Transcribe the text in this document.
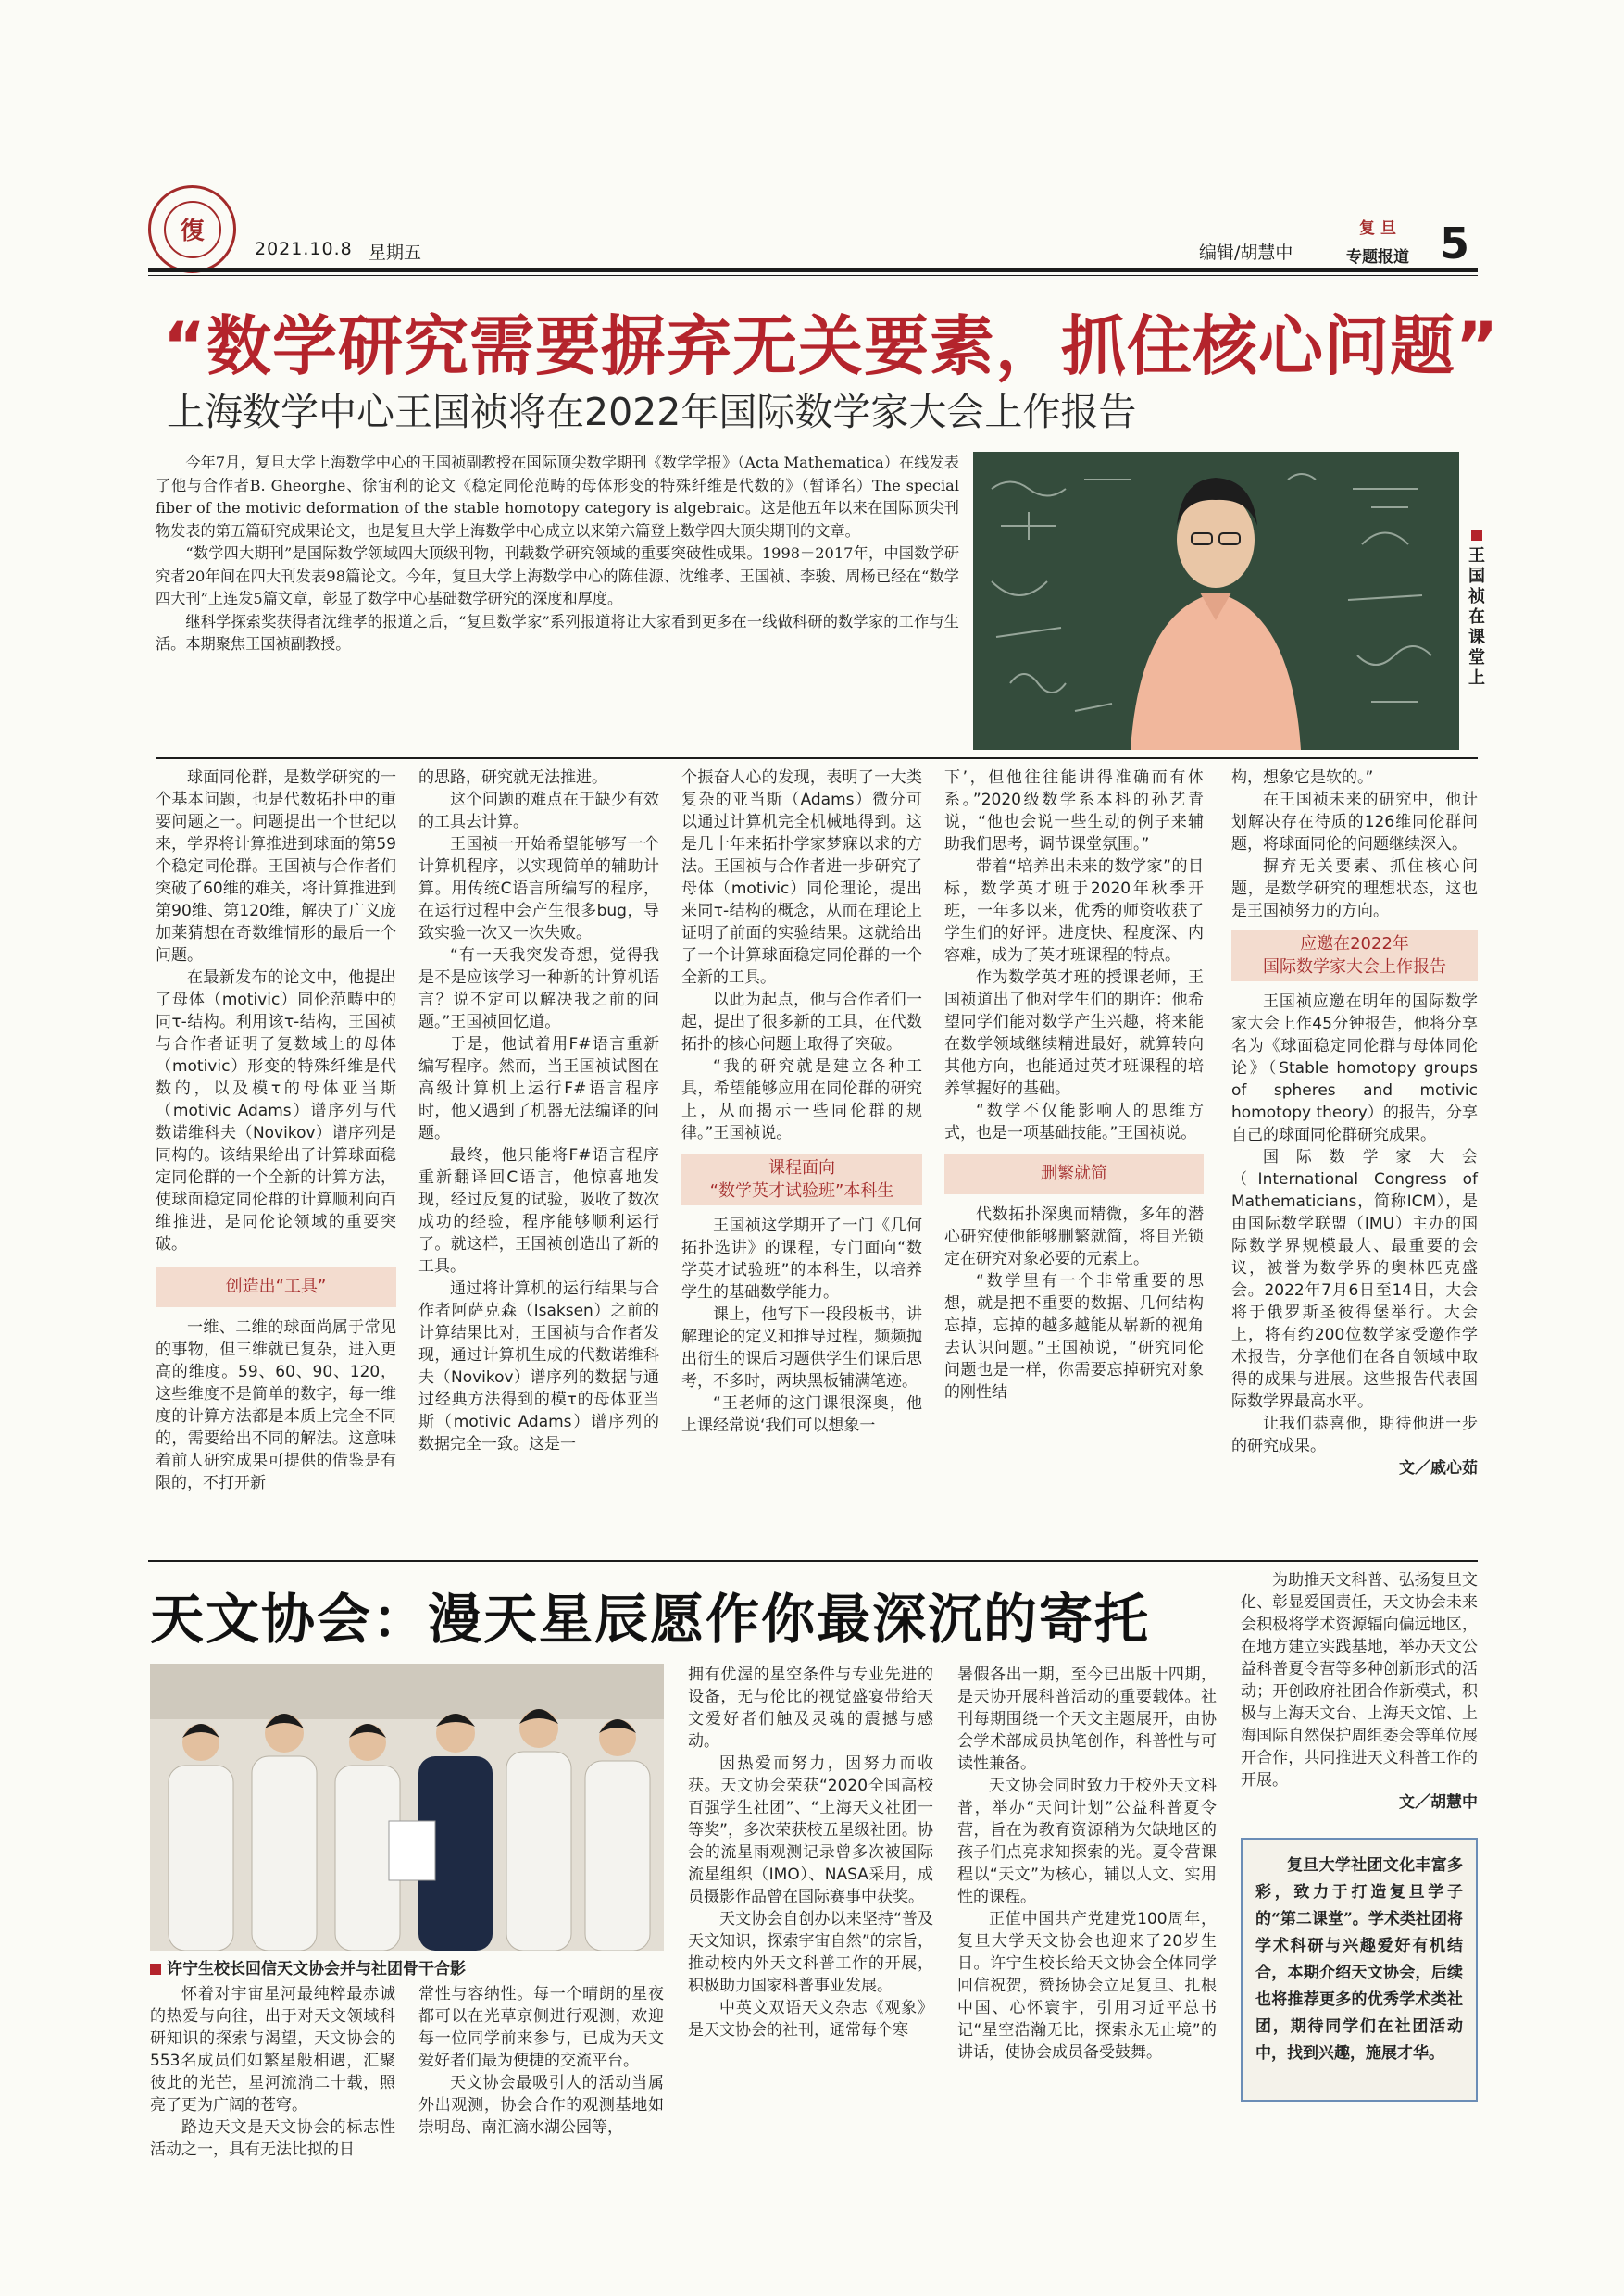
復
2021.10.8 星期五	编辑/胡慧中
复旦
专题报道 5
“数学研究需要摒弃无关要素，抓住核心问题”
上海数学中心王国祯将在2022年国际数学家大会上作报告

今年7月，复旦大学上海数学中心的王国祯副教授在国际顶尖数学期刊《数学学报》（Acta Mathematica）在线发表了他与合作者B. Gheorghe、徐宙利的论文《稳定同伦范畴的母体形变的特殊纤维是代数的》（暂译名）The special fiber of the motivic deformation of the stable homotopy category is algebraic。这是他五年以来在国际顶尖刊物发表的第五篇研究成果论文，也是复旦大学上海数学中心成立以来第六篇登上数学四大顶尖期刊的文章。

“数学四大期刊”是国际数学领域四大顶级刊物，刊载数学研究领域的重要突破性成果。1998－2017年，中国数学研究者20年间在四大刊发表98篇论文。今年，复旦大学上海数学中心的陈佳源、沈维孝、王国祯、李骏、周杨已经在“数学四大刊”上连发5篇文章，彰显了数学中心基础数学研究的深度和厚度。

继科学探索奖获得者沈维孝的报道之后，“复旦数学家”系列报道将让大家看到更多在一线做科研的数学家的工作与生活。本期聚焦王国祯副教授。

王国祯在课堂上

球面同伦群，是数学研究的一个基本问题，也是代数拓扑中的重要问题之一。问题提出一个世纪以来，学界将计算推进到球面的第59个稳定同伦群。王国祯与合作者们突破了60维的难关，将计算推进到第90维、第120维，解决了广义庞加莱猜想在奇数维情形的最后一个问题。

在最新发布的论文中，他提出了母体（motivic）同伦范畴中的同τ-结构。利用该τ-结构，王国祯与合作者证明了复数域上的母体（motivic）形变的特殊纤维是代数的，以及模τ的母体亚当斯（motivic Adams）谱序列与代数诺维科夫（Novikov）谱序列是同构的。该结果给出了计算球面稳定同伦群的一个全新的计算方法，使球面稳定同伦群的计算顺利向百维推进，是同伦论领域的重要突破。

创造出“工具”

一维、二维的球面尚属于常见的事物，但三维就已复杂，进入更高的维度。59、60、90、120，这些维度不是简单的数字，每一维度的计算方法都是本质上完全不同的，需要给出不同的解法。这意味着前人研究成果可提供的借鉴是有限的，不打开新

的思路，研究就无法推进。

这个问题的难点在于缺少有效的工具去计算。

王国祯一开始希望能够写一个计算机程序，以实现简单的辅助计算。用传统C语言所编写的程序，在运行过程中会产生很多bug，导致实验一次又一次失败。

“有一天我突发奇想，觉得我是不是应该学习一种新的计算机语言？说不定可以解决我之前的问题。”王国祯回忆道。

于是，他试着用F#语言重新编写程序。然而，当王国祯试图在高级计算机上运行F#语言程序时，他又遇到了机器无法编译的问题。

最终，他只能将F#语言程序重新翻译回C语言，他惊喜地发现，经过反复的试验，吸收了数次成功的经验，程序能够顺利运行了。就这样，王国祯创造出了新的工具。

通过将计算机的运行结果与合作者阿萨克森（Isaksen）之前的计算结果比对，王国祯与合作者发现，通过计算机生成的代数诺维科夫（Novikov）谱序列的数据与通过经典方法得到的模τ的母体亚当斯（motivic Adams）谱序列的数据完全一致。这是一

个振奋人心的发现，表明了一大类复杂的亚当斯（Adams）微分可以通过计算机完全机械地得到。这是几十年来拓扑学家梦寐以求的方法。王国祯与合作者进一步研究了母体（motivic）同伦理论，提出来同τ-结构的概念，从而在理论上证明了前面的实验结果。这就给出了一个计算球面稳定同伦群的一个全新的工具。

以此为起点，他与合作者们一起，提出了很多新的工具，在代数拓扑的核心问题上取得了突破。

“我的研究就是建立各种工具，希望能够应用在同伦群的研究上，从而揭示一些同伦群的规律。”王国祯说。

课程面向
“数学英才试验班”本科生

王国祯这学期开了一门《几何拓扑选讲》的课程，专门面向“数学英才试验班”的本科生，以培养学生的基础数学能力。

课上，他写下一段段板书，讲解理论的定义和推导过程，频频抛出衍生的课后习题供学生们课后思考，不多时，两块黑板铺满笔迹。

“王老师的这门课很深奥，他上课经常说‘我们可以想象一

下’，但他往往能讲得准确而有体系。”2020级数学系本科的孙艺青说，“他也会说一些生动的例子来辅助我们思考，调节课堂氛围。”

带着“培养出未来的数学家”的目标，数学英才班于2020年秋季开班，一年多以来，优秀的师资收获了学生们的好评。进度快、程度深、内容难，成为了英才班课程的特点。

作为数学英才班的授课老师，王国祯道出了他对学生们的期许：他希望同学们能对数学产生兴趣，将来能在数学领域继续精进最好，就算转向其他方向，也能通过英才班课程的培养掌握好的基础。

“数学不仅能影响人的思维方式，也是一项基础技能。”王国祯说。

删繁就简

代数拓扑深奥而精微，多年的潜心研究使他能够删繁就简，将目光锁定在研究对象必要的元素上。

“数学里有一个非常重要的思想，就是把不重要的数据、几何结构忘掉，忘掉的越多越能从崭新的视角去认识问题。”王国祯说，“研究同伦问题也是一样，你需要忘掉研究对象的刚性结

构，想象它是软的。”

在王国祯未来的研究中，他计划解决存在待质的126维同伦群问题，将球面同伦的问题继续深入。

摒弃无关要素、抓住核心问题，是数学研究的理想状态，这也是王国祯努力的方向。

应邀在2022年
国际数学家大会上作报告

王国祯应邀在明年的国际数学家大会上作45分钟报告，他将分享名为《球面稳定同伦群与母体同伦论》（Stable homotopy groups of spheres and motivic homotopy theory）的报告，分享自己的球面同伦群研究成果。

国际数学家大会（International Congress of Mathematicians，简称ICM），是由国际数学联盟（IMU）主办的国际数学界规模最大、最重要的会议，被誉为数学界的奥林匹克盛会。2022年7月6日至14日，大会将于俄罗斯圣彼得堡举行。大会上，将有约200位数学家受邀作学术报告，分享他们在各自领域中取得的成果与进展。这些报告代表国际数学界最高水平。

让我们恭喜他，期待他进一步的研究成果。

文／戚心茹
天文协会：漫天星辰愿作你最深沉的寄托
许宁生校长回信天文协会并与社团骨干合影

怀着对宇宙星河最纯粹最赤诚的热爱与向往，出于对天文领域科研知识的探索与渴望，天文协会的553名成员们如繁星般相遇，汇聚彼此的光芒，星河流淌二十载，照亮了更为广阔的苍穹。

路边天文是天文协会的标志性活动之一，具有无法比拟的日

常性与容纳性。每一个晴朗的星夜都可以在光草京侧进行观测，欢迎每一位同学前来参与，已成为天文爱好者们最为便捷的交流平台。

天文协会最吸引人的活动当属外出观测，协会合作的观测基地如崇明岛、南汇滴水湖公园等，

拥有优渥的星空条件与专业先进的设备，无与伦比的视觉盛宴带给天文爱好者们触及灵魂的震撼与感动。

因热爱而努力，因努力而收获。天文协会荣获“2020全国高校百强学生社团”、“上海天文社团一等奖”，多次荣获校五星级社团。协会的流星雨观测记录曾多次被国际流星组织（IMO）、NASA采用，成员摄影作品曾在国际赛事中获奖。

天文协会自创办以来坚持“普及天文知识，探索宇宙自然”的宗旨，推动校内外天文科普工作的开展，积极助力国家科普事业发展。

中英文双语天文杂志《观象》是天文协会的社刊，通常每个寒

暑假各出一期，至今已出版十四期，是天协开展科普活动的重要载体。社刊每期围绕一个天文主题展开，由协会学术部成员执笔创作，科普性与可读性兼备。

天文协会同时致力于校外天文科普，举办“天问计划”公益科普夏令营，旨在为教育资源稍为欠缺地区的孩子们点亮求知探索的光。夏令营课程以“天文”为核心，辅以人文、实用性的课程。

正值中国共产党建党100周年，复旦大学天文协会也迎来了20岁生日。许宁生校长给天文协会全体同学回信祝贺，赞扬协会立足复旦、扎根中国、心怀寰宇，引用习近平总书记“星空浩瀚无比，探索永无止境”的讲话，使协会成员备受鼓舞。

为助推天文科普、弘扬复旦文化、彰显爱国责任，天文协会未来会积极将学术资源辐向偏远地区，在地方建立实践基地，举办天文公益科普夏令营等多种创新形式的活动；开创政府社团合作新模式，积极与上海天文台、上海天文馆、上海国际自然保护周组委会等单位展开合作，共同推进天文科普工作的开展。

文／胡慧中

复旦大学社团文化丰富多彩，致力于打造复旦学子的“第二课堂”。学术类社团将学术科研与兴趣爱好有机结合，本期介绍天文协会，后续也将推荐更多的优秀学术类社团，期待同学们在社团活动中，找到兴趣，施展才华。
